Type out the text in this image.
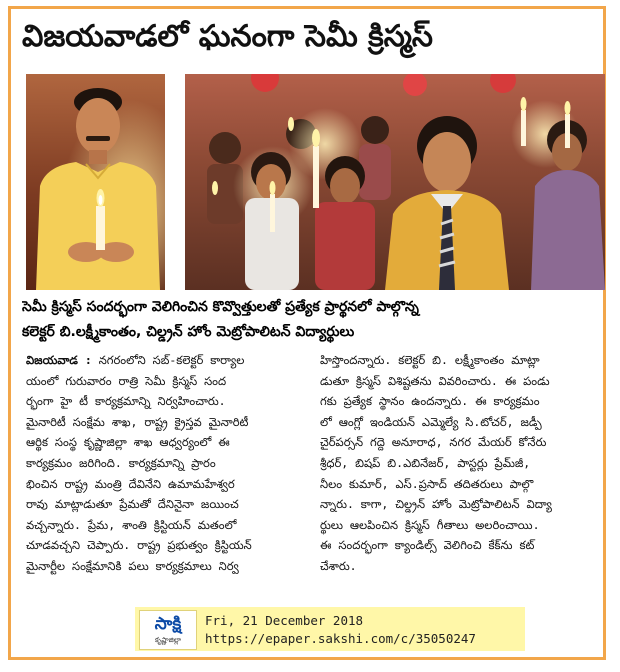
విజయవాడలో ఘనంగా సెమీ క్రిస్మస్
సెమీ క్రిస్మస్ సందర్భంగా వెలిగించిన కొవ్వొత్తులతో ప్రత్యేక ప్రార్థనలో పాల్గొన్న
కలెక్టర్ బి.లక్ష్మీకాంతం, చిల్డ్రన్ హోం మెట్రోపాలిటన్ విద్యార్థులు
విజయవాడ : నగరంలోని సబ్-కలెక్టర్ కార్యాల
యంలో గురువారం రాత్రి సెమీ క్రిస్మస్ సంద
ర్భంగా హై టీ కార్యక్రమాన్ని నిర్వహించారు.
మైనారిటీ సంక్షేమ శాఖ, రాష్ట్ర క్రైస్తవ మైనారిటీ
ఆర్థిక సంస్థ కృష్ణాజిల్లా శాఖ ఆధ్వర్యంలో ఈ
కార్యక్రమం జరిగింది. కార్యక్రమాన్ని ప్రారం
భించిన రాష్ట్ర మంత్రి దేవినేని ఉమామహేశ్వర
రావు మాట్లాడుతూ ప్రేమతో దేనినైనా జయించ
వచ్చన్నారు. ప్రేమ, శాంతి క్రిస్టియన్ మతంలో
చూడవచ్చని చెప్పారు. రాష్ట్ర ప్రభుత్వం క్రిస్టియన్
మైనార్టీల సంక్షేమానికి పలు కార్యక్రమాలు నిర్వ
హిస్తొందన్నారు. కలెక్టర్ బి. లక్ష్మీకాంతం మాట్లా
డుతూ క్రిస్మస్ విశిష్టతను వివరించారు. ఈ పండు
గకు ప్రత్యేక స్థానం ఉందన్నారు. ఈ కార్యక్రమం
లో ఆంగ్లో ఇండియన్ ఎమ్మెల్యే సి.టోచర్, జడ్పీ
చైర్‌పర్సన్ గద్దె అనూరాధ, నగర మేయర్ కోనేరు
శ్రీధర్, బిషప్ బి.ఎబినేజర్, పాస్టర్లు ప్రేమ్‌జీ,
నీలం కుమార్, ఎస్.ప్రసాద్ తదితరులు పాల్గొ
న్నారు. కాగా, చిల్డ్రన్ హోం మెట్రోపాలిటన్ విద్యా
ర్థులు ఆలపించిన క్రిస్మస్ గీతాలు అలరించాయి.
ఈ సందర్భంగా క్యాండిల్స్ వెలిగించి కేక్‌ను కట్
చేశారు.
సాక్షి
కృష్ణాజిల్లా
Fri, 21 December 2018
https://epaper.sakshi.com/c/35050247
